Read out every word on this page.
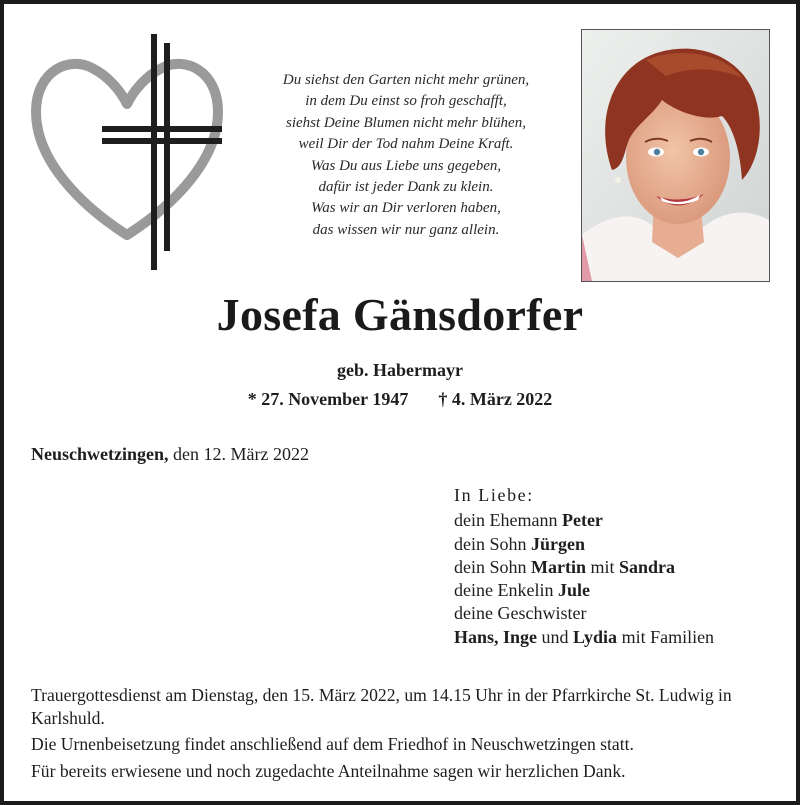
Du siehst den Garten nicht mehr grünen,
in dem Du einst so froh geschafft,
siehst Deine Blumen nicht mehr blühen,
weil Dir der Tod nahm Deine Kraft.
Was Du aus Liebe uns gegeben,
dafür ist jeder Dank zu klein.
Was wir an Dir verloren haben,
das wissen wir nur ganz allein.
Josefa Gänsdorfer
geb. Habermayr
* 27. November 1947 † 4. März 2022
Neuschwetzingen, den 12. März 2022
In Liebe:
dein Ehemann Peter
dein Sohn Jürgen
dein Sohn Martin mit Sandra
deine Enkelin Jule
deine Geschwister
Hans, Inge und Lydia mit Familien

Trauergottesdienst am Dienstag, den 15. März 2022, um 14.15 Uhr in der Pfarrkirche St. Ludwig in Karlshuld.

Die Urnenbeisetzung findet anschließend auf dem Friedhof in Neuschwetzingen statt.

Für bereits erwiesene und noch zugedachte Anteilnahme sagen wir herzlichen Dank.
